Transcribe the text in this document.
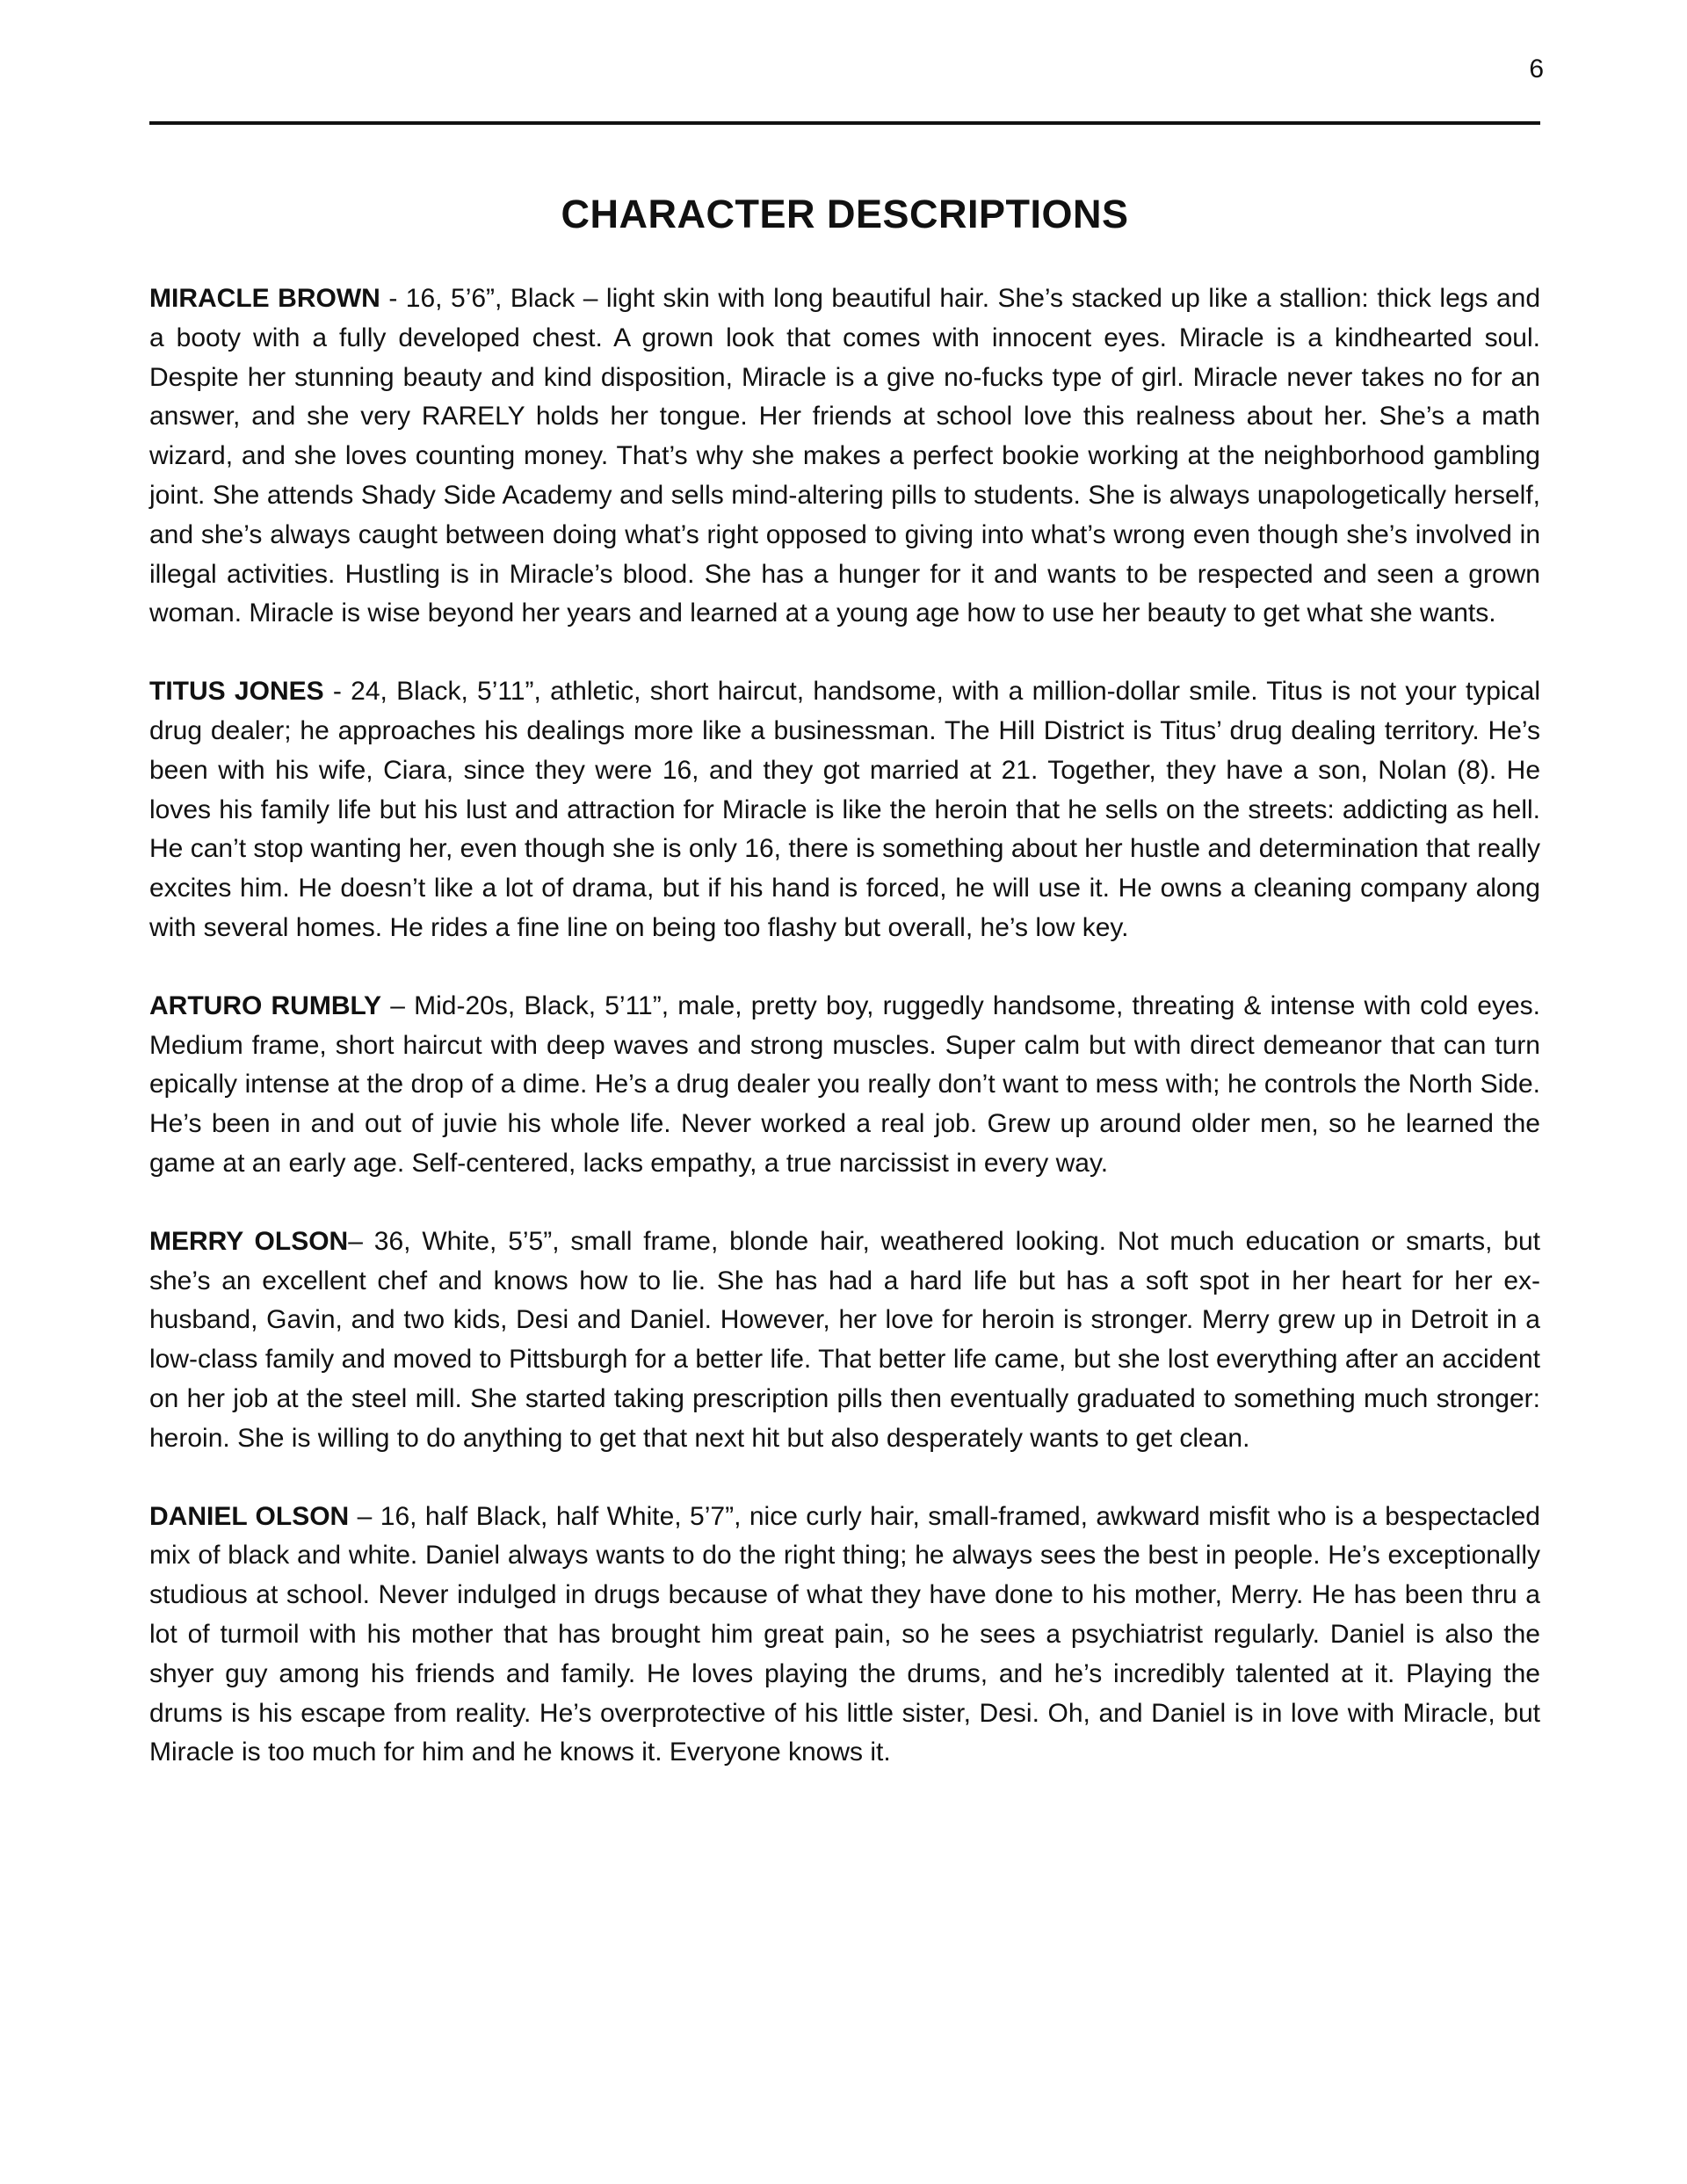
6
CHARACTER DESCRIPTIONS

MIRACLE BROWN - 16, 5’6”, Black – light skin with long beautiful hair. She’s stacked up like a stallion: thick legs and a booty with a fully developed chest. A grown look that comes with innocent eyes. Miracle is a kindhearted soul. Despite her stunning beauty and kind disposition, Miracle is a give no-fucks type of girl. Miracle never takes no for an answer, and she very RARELY holds her tongue. Her friends at school love this realness about her. She’s a math wizard, and she loves counting money. That’s why she makes a perfect bookie working at the neighborhood gambling joint. She attends Shady Side Academy and sells mind-altering pills to students. She is always unapologetically herself, and she’s always caught between doing what’s right opposed to giving into what’s wrong even though she’s involved in illegal activities. Hustling is in Miracle’s blood. She has a hunger for it and wants to be respected and seen a grown woman. Miracle is wise beyond her years and learned at a young age how to use her beauty to get what she wants.

TITUS JONES - 24, Black, 5’11”, athletic, short haircut, handsome, with a million-dollar smile. Titus is not your typical drug dealer; he approaches his dealings more like a businessman. The Hill District is Titus’ drug dealing territory. He’s been with his wife, Ciara, since they were 16, and they got married at 21. Together, they have a son, Nolan (8). He loves his family life but his lust and attraction for Miracle is like the heroin that he sells on the streets: addicting as hell. He can’t stop wanting her, even though she is only 16, there is something about her hustle and determination that really excites him. He doesn’t like a lot of drama, but if his hand is forced, he will use it. He owns a cleaning company along with several homes. He rides a fine line on being too flashy but overall, he’s low key.

ARTURO RUMBLY – Mid-20s, Black, 5’11”, male, pretty boy, ruggedly handsome, threating & intense with cold eyes. Medium frame, short haircut with deep waves and strong muscles. Super calm but with direct demeanor that can turn epically intense at the drop of a dime. He’s a drug dealer you really don’t want to mess with; he controls the North Side. He’s been in and out of juvie his whole life. Never worked a real job. Grew up around older men, so he learned the game at an early age. Self-centered, lacks empathy, a true narcissist in every way.

MERRY OLSON– 36, White, 5’5”, small frame, blonde hair, weathered looking. Not much education or smarts, but she’s an excellent chef and knows how to lie. She has had a hard life but has a soft spot in her heart for her ex-husband, Gavin, and two kids, Desi and Daniel. However, her love for heroin is stronger. Merry grew up in Detroit in a low-class family and moved to Pittsburgh for a better life. That better life came, but she lost everything after an accident on her job at the steel mill. She started taking prescription pills then eventually graduated to something much stronger: heroin. She is willing to do anything to get that next hit but also desperately wants to get clean.

DANIEL OLSON – 16, half Black, half White, 5’7”, nice curly hair, small-framed, awkward misfit who is a bespectacled mix of black and white. Daniel always wants to do the right thing; he always sees the best in people. He’s exceptionally studious at school. Never indulged in drugs because of what they have done to his mother, Merry. He has been thru a lot of turmoil with his mother that has brought him great pain, so he sees a psychiatrist regularly. Daniel is also the shyer guy among his friends and family. He loves playing the drums, and he’s incredibly talented at it. Playing the drums is his escape from reality. He’s overprotective of his little sister, Desi. Oh, and Daniel is in love with Miracle, but Miracle is too much for him and he knows it. Everyone knows it.
